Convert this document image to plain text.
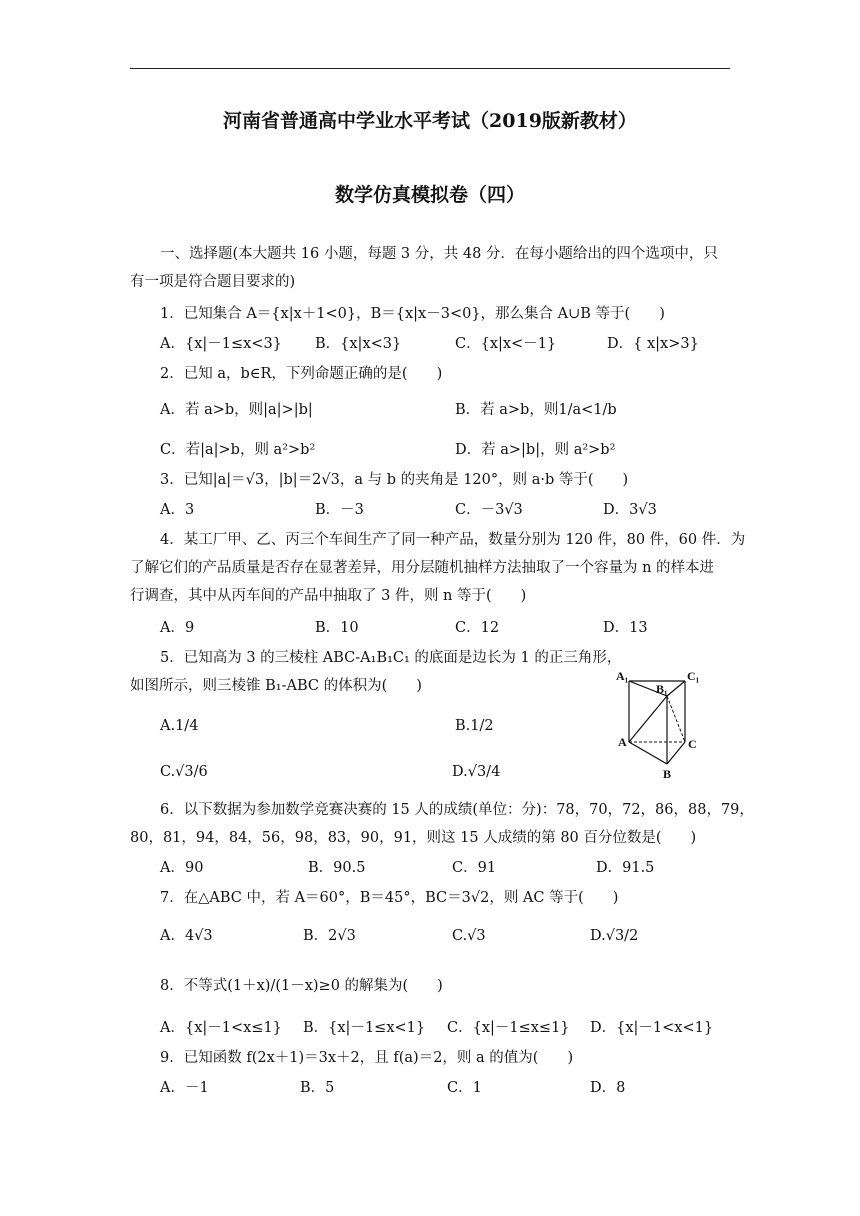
河南省普通高中学业水平考试（2019版新教材）
数学仿真模拟卷（四）
一、选择题(本大题共 16 小题，每题 3 分，共 48 分．在每小题给出的四个选项中，只
有一项是符合题目要求的)
1．已知集合 A＝{x|x＋1<0}，B＝{x|x－3<0}，那么集合 A∪B 等于(　　)
A．{x|－1≤x<3} B．{x|x<3}	C．{x|x<－1}	D．{ x|x>3}
2．已知 a，b∈R，下列命题正确的是(　　)
A．若 a>b，则|a|>|b|	B．若 a>b，则1/a<1/b
C．若|a|>b，则 a²>b²	D．若 a>|b|，则 a²>b²
3．已知|a|＝√3，|b|＝2√3，a 与 b 的夹角是 120°，则 a·b 等于(　　)
A．3	B．－3	C．－3√3	D．3√3
4．某工厂甲、乙、丙三个车间生产了同一种产品，数量分别为 120 件，80 件，60 件．为
了解它们的产品质量是否存在显著差异，用分层随机抽样方法抽取了一个容量为 n 的样本进
行调查，其中从丙车间的产品中抽取了 3 件，则 n 等于(　　)
A．9	B．10	C．12	D．13
5．已知高为 3 的三棱柱 ABC-A₁B₁C₁ 的底面是边长为 1 的正三角形，
如图所示，则三棱锥 B₁-ABC 的体积为(　　)
A.1/4	B.1/2
C.√3/6	D.√3/4
A₁
B₁
C₁
A
B
C
6．以下数据为参加数学竞赛决赛的 15 人的成绩(单位：分)：78，70，72，86，88，79，
80，81，94，84，56，98，83，90，91，则这 15 人成绩的第 80 百分位数是(　　)
A．90	B．90.5	C．91	D．91.5
7．在△ABC 中，若 A＝60°，B＝45°，BC＝3√2，则 AC 等于(　　)
A．4√3	B．2√3	C.√3	D.√3/2
8．不等式(1＋x)/(1－x)≥0 的解集为(　　)
A．{x|－1<x≤1} B．{x|－1≤x<1} C．{x|－1≤x≤1} D．{x|－1<x<1}
9．已知函数 f(2x＋1)＝3x＋2，且 f(a)＝2，则 a 的值为(　　)
A．－1	B．5	C．1	D．8
